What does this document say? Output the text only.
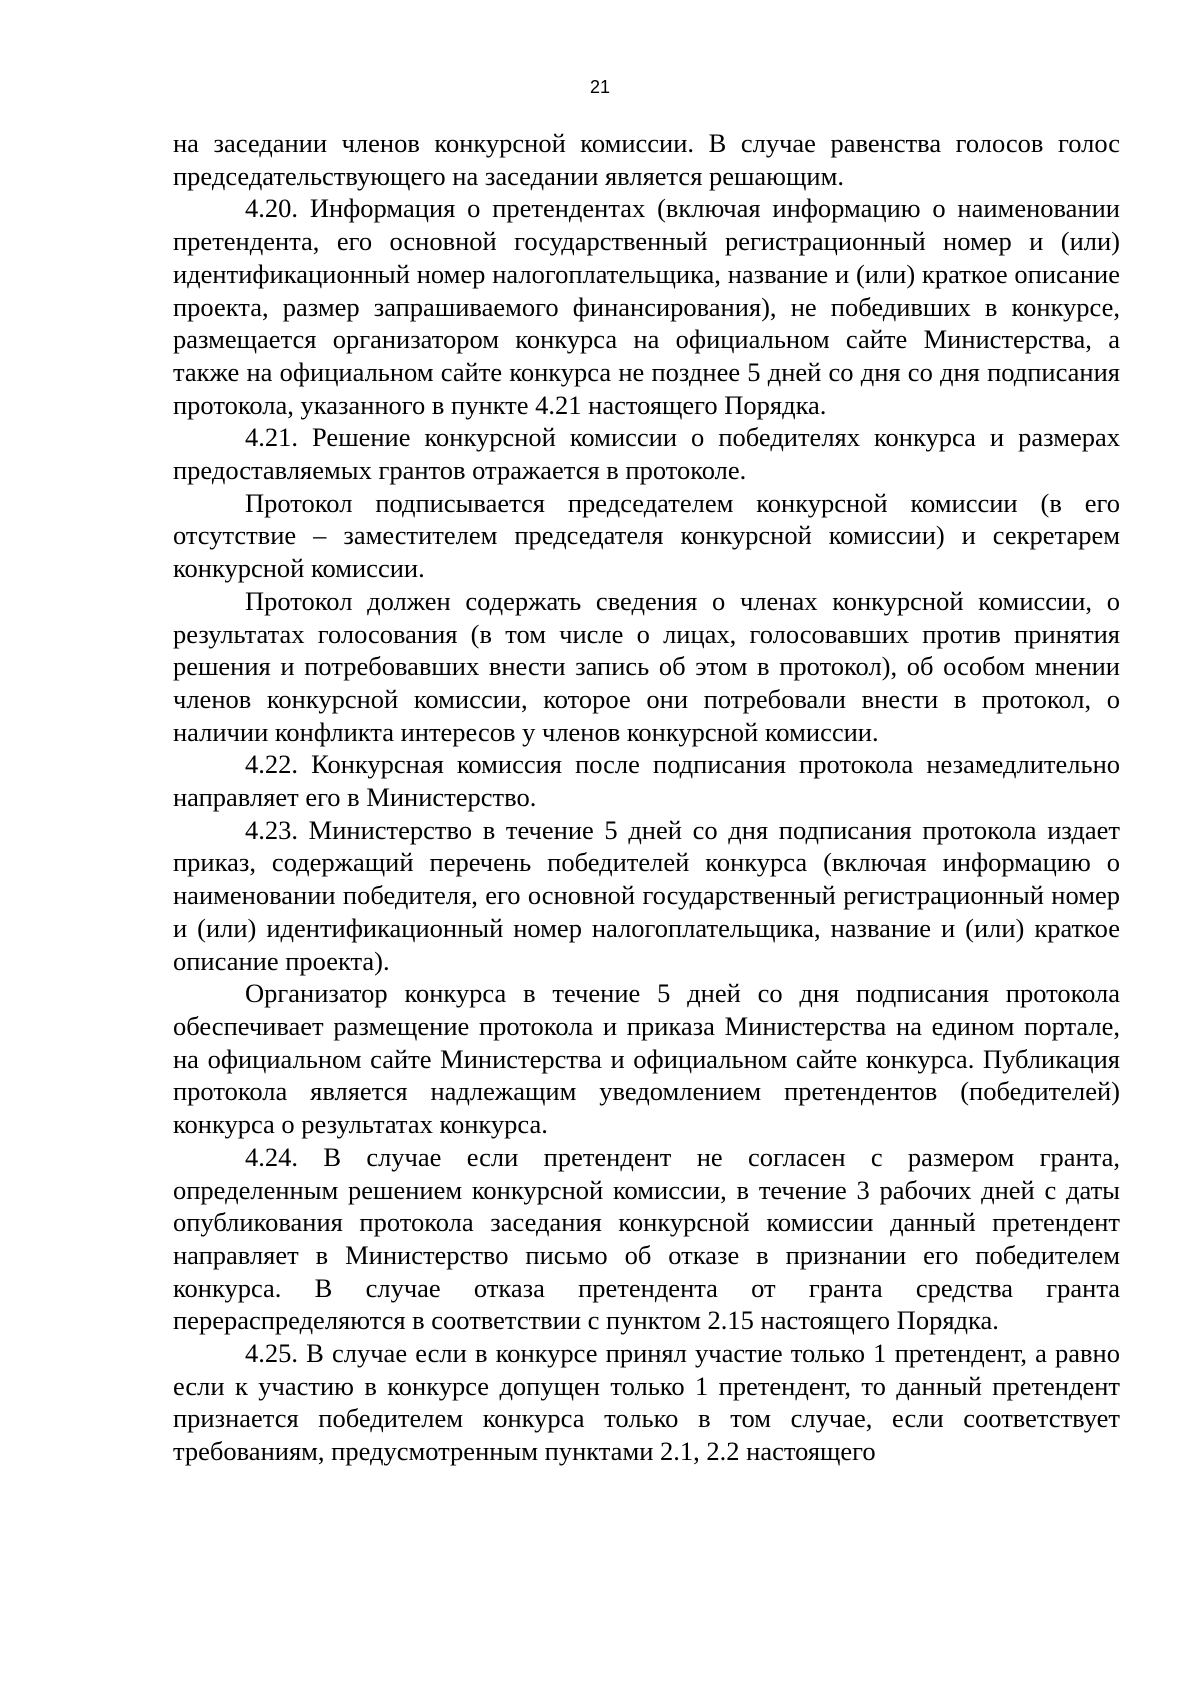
21

на заседании членов конкурсной комиссии. В случае равенства голосов голос председательствующего на заседании является решающим.

4.20. Информация о претендентах (включая информацию о наименовании претендента, его основной государственный регистрационный номер и (или) идентификационный номер налогоплательщика, название и (или) краткое описание проекта, размер запрашиваемого финансирования), не победивших в конкурсе, размещается организатором конкурса на официальном сайте Министерства, а также на официальном сайте конкурса не позднее 5 дней со дня со дня подписания протокола, указанного в пункте 4.21 настоящего Порядка.

4.21. Решение конкурсной комиссии о победителях конкурса и размерах предоставляемых грантов отражается в протоколе.

Протокол подписывается председателем конкурсной комиссии (в его отсутствие – заместителем председателя конкурсной комиссии) и секретарем конкурсной комиссии.

Протокол должен содержать сведения о членах конкурсной комиссии, о результатах голосования (в том числе о лицах, голосовавших против принятия решения и потребовавших внести запись об этом в протокол), об особом мнении членов конкурсной комиссии, которое они потребовали внести в протокол, о наличии конфликта интересов у членов конкурсной комиссии.

4.22. Конкурсная комиссия после подписания протокола незамедлительно направляет его в Министерство.

4.23. Министерство в течение 5 дней со дня подписания протокола издает приказ, содержащий перечень победителей конкурса (включая информацию о наименовании победителя, его основной государственный регистрационный номер и (или) идентификационный номер налогоплательщика, название и (или) краткое описание проекта).

Организатор конкурса в течение 5 дней со дня подписания протокола обеспечивает размещение протокола и приказа Министерства на едином портале, на официальном сайте Министерства и официальном сайте конкурса. Публикация протокола является надлежащим уведомлением претендентов (победителей) конкурса о результатах конкурса.

4.24. В случае если претендент не согласен с размером гранта, определенным решением конкурсной комиссии, в течение 3 рабочих дней с даты опубликования протокола заседания конкурсной комиссии данный претендент направляет в Министерство письмо об отказе в признании его победителем конкурса. В случае отказа претендента от гранта средства гранта перераспределяются в соответствии с пунктом 2.15 настоящего Порядка.

4.25. В случае если в конкурсе принял участие только 1 претендент, а равно если к участию в конкурсе допущен только 1 претендент, то данный претендент признается победителем конкурса только в том случае, если соответствует требованиям, предусмотренным пунктами 2.1, 2.2 настоящего
